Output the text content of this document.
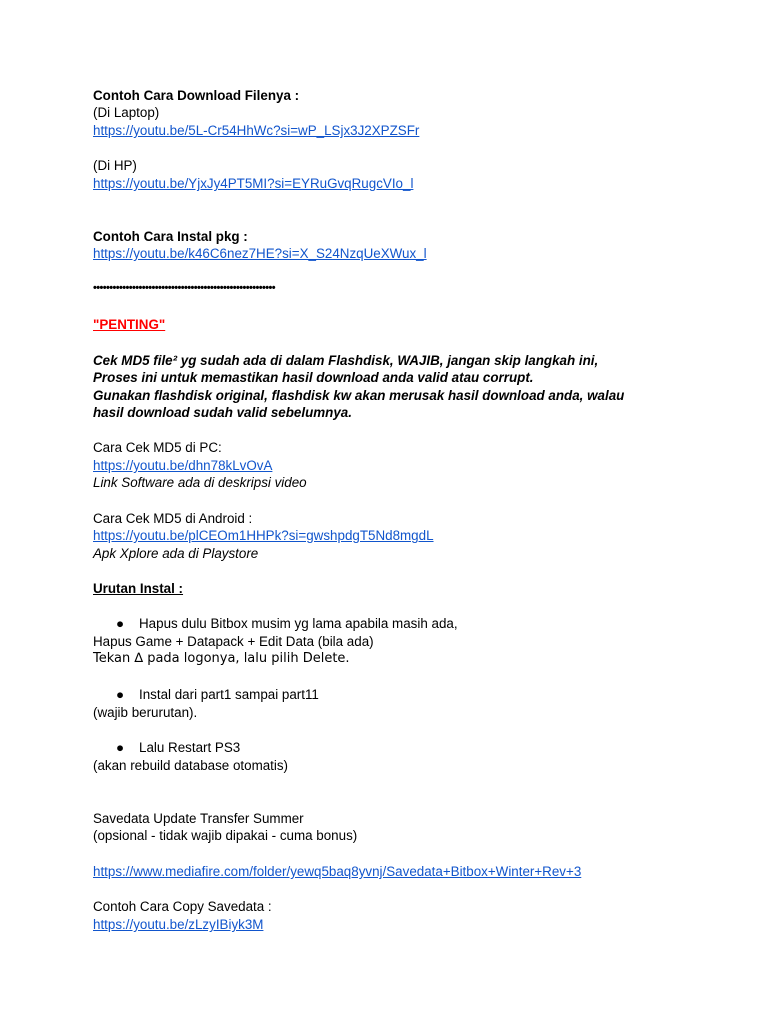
Contoh Cara Download Filenya :
(Di Laptop)
https://youtu.be/5L-Cr54HhWc?si=wP_LSjx3J2XPZSFr
(Di HP)
https://youtu.be/YjxJy4PT5MI?si=EYRuGvqRugcVIo_l
Contoh Cara Instal pkg :
https://youtu.be/k46C6nez7HE?si=X_S24NzqUeXWux_l
••••••••••••••••••••••••••••••••••••••••••••••••••••••••
"PENTING"
Cek MD5 file² yg sudah ada di dalam Flashdisk, WAJIB, jangan skip langkah ini,
Proses ini untuk memastikan hasil download anda valid atau corrupt.
Gunakan flashdisk original, flashdisk kw akan merusak hasil download anda, walau
hasil download sudah valid sebelumnya.
Cara Cek MD5 di PC:
https://youtu.be/dhn78kLvOvA
Link Software ada di deskripsi video
Cara Cek MD5 di Android :
https://youtu.be/plCEOm1HHPk?si=gwshpdgT5Nd8mgdL
Apk Xplore ada di Playstore
Urutan Instal :
● Hapus dulu Bitbox musim yg lama apabila masih ada,
Hapus Game + Datapack + Edit Data (bila ada)
Tekan ∆ pada logonya, lalu pilih Delete.
● Instal dari part1 sampai part11
(wajib berurutan).
● Lalu Restart PS3
(akan rebuild database otomatis)
Savedata Update Transfer Summer
(opsional - tidak wajib dipakai - cuma bonus)
https://www.mediafire.com/folder/yewq5baq8yvnj/Savedata+Bitbox+Winter+Rev+3
Contoh Cara Copy Savedata :
https://youtu.be/zLzyIBiyk3M
